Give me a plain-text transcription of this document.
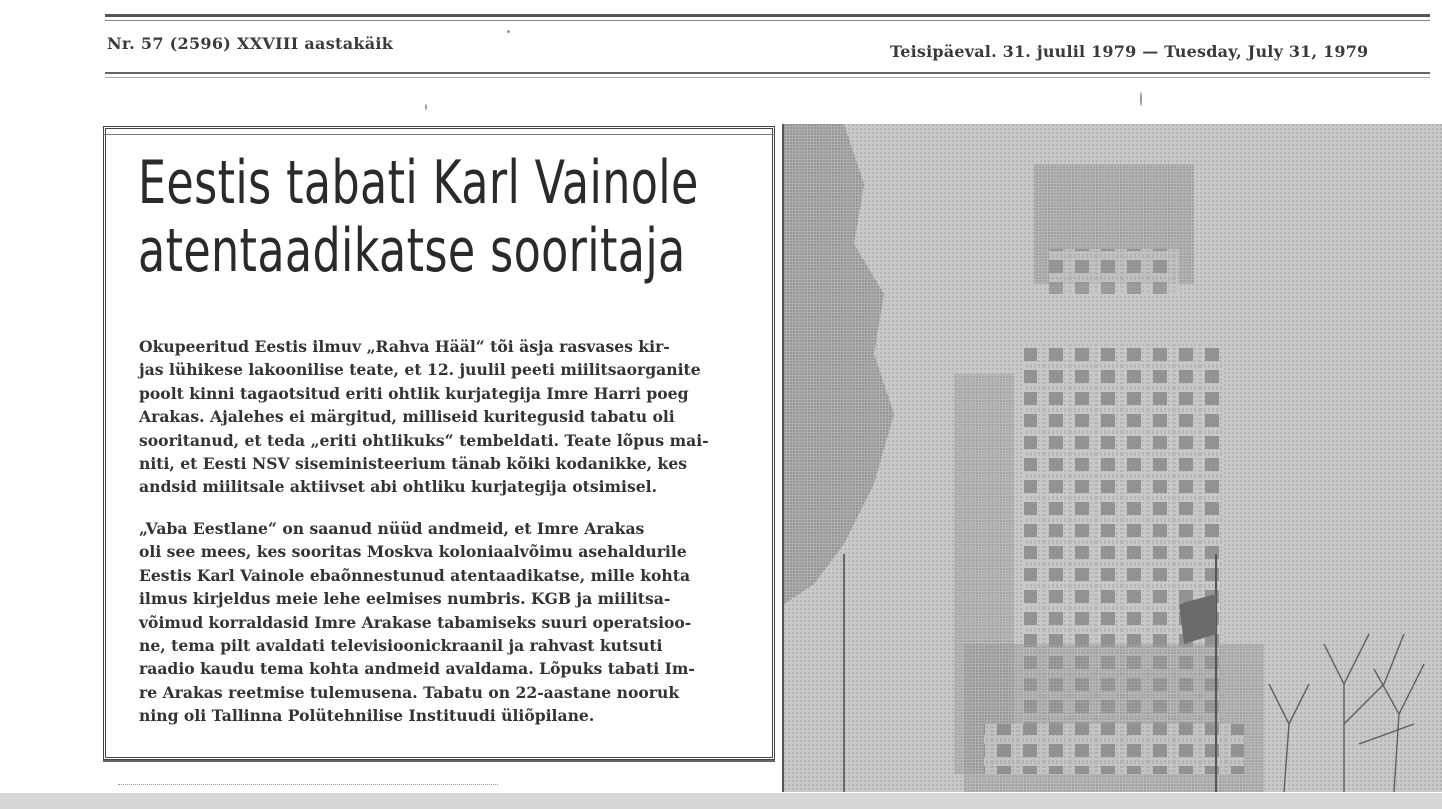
Nr. 57 (2596) XXVIII aastakäik	Teisipäeval. 31. juulil 1979 — Tuesday, July 31, 1979
Eestis tabati Karl Vainole
atentaadikatse sooritaja
Okupeeritud Eestis ilmuv „Rahva Hääl“ tõi äsja rasvases kir-
jas lühikese lakoonilise teate, et 12. juulil peeti miilitsaorganite
poolt kinni tagaotsitud eriti ohtlik kurjategija Imre Harri poeg
Arakas. Ajalehes ei märgitud, milliseid kuritegusid tabatu oli
sooritanud, et teda „eriti ohtlikuks“ tembeldati. Teate lõpus mai-
niti, et Eesti NSV siseministeerium tänab kõiki kodanikke, kes
andsid miilitsale aktiivset abi ohtliku kurjategija otsimisel.
„Vaba Eestlane“ on saanud nüüd andmeid, et Imre Arakas
oli see mees, kes sooritas Moskva koloniaalvõimu asehaldurile
Eestis Karl Vainole ebaõnnestunud atentaadikatse, mille kohta
ilmus kirjeldus meie lehe eelmises numbris. KGB ja miilitsa-
võimud korraldasid Imre Arakase tabamiseks suuri operatsioo-
ne, tema pilt avaldati televisioonickraanil ja rahvast kutsuti
raadio kaudu tema kohta andmeid avaldama. Lõpuks tabati Im-
re Arakas reetmise tulemusena. Tabatu on 22-aastane nooruk
ning oli Tallinna Polütehnilise Instituudi üliõpilane.
